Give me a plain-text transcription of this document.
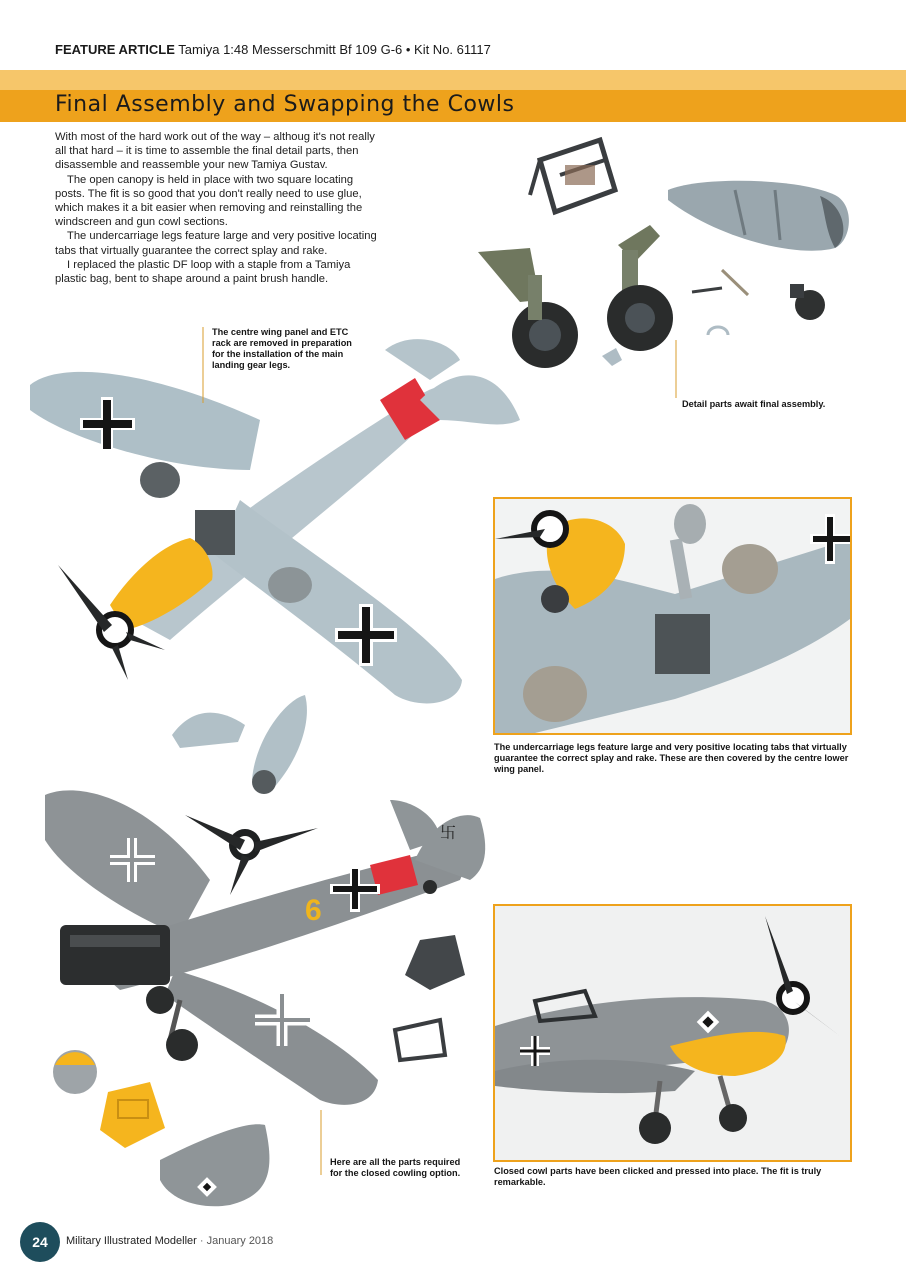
FEATURE ARTICLE Tamiya 1:48 Messerschmitt Bf 109 G-6 • Kit No. 61117
Final Assembly and Swapping the Cowls

With most of the hard work out of the way – althoug it's not really all that hard – it is time to assemble the final detail parts, then disassemble and reassemble your new Tamiya Gustav.

The open canopy is held in place with two square locating posts. The fit is so good that you don't really need to use glue, which makes it a bit easier when removing and reinstalling the windscreen and gun cowl sections.

The undercarriage legs feature large and very positive locating tabs that virtually guarantee the correct splay and rake.

I replaced the plastic DF loop with a staple from a Tamiya plastic bag, bent to shape around a paint brush handle.

6
卐
The centre wing panel and ETC rack are removed in preparation for the installation of the main landing gear legs.
Detail parts await final assembly.
The undercarriage legs feature large and very positive locating tabs that virtually guarantee the correct splay and rake. These are then covered by the centre lower wing panel.
Here are all the parts required for the closed cowling option.	Closed cowl parts have been clicked and pressed into place. The fit is truly remarkable.
24	Military Illustrated Modeller · January 2018
